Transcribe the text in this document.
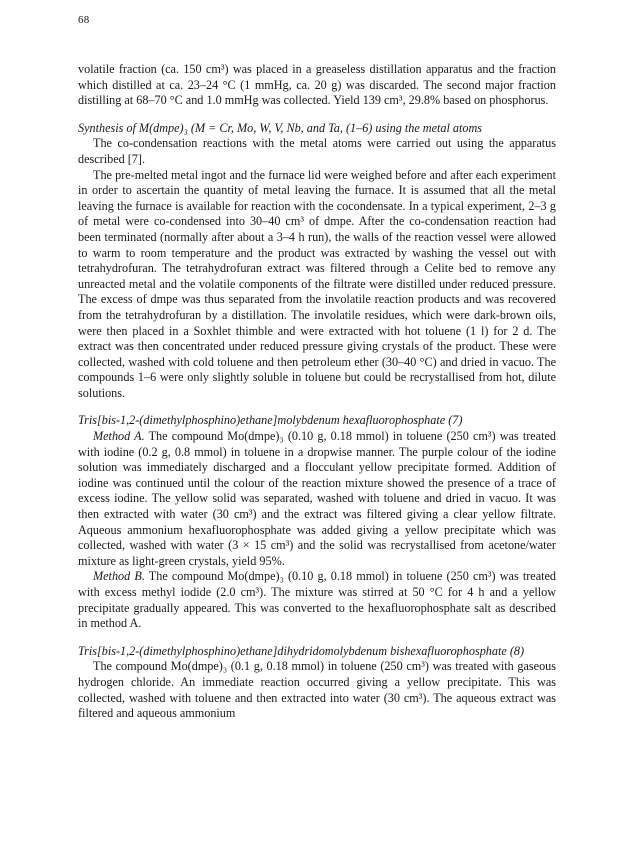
68

volatile fraction (ca. 150 cm³) was placed in a greaseless distillation apparatus and the fraction which distilled at ca. 23–24 °C (1 mmHg, ca. 20 g) was discarded. The second major fraction distilling at 68–70 °C and 1.0 mmHg was collected. Yield 139 cm³, 29.8% based on phosphorus.

Synthesis of M(dmpe)₃ (M = Cr, Mo, W, V, Nb, and Ta, (1–6) using the metal atoms

The co-condensation reactions with the metal atoms were carried out using the apparatus described [7].

The pre-melted metal ingot and the furnace lid were weighed before and after each experiment in order to ascertain the quantity of metal leaving the furnace. It is assumed that all the metal leaving the furnace is available for reaction with the cocondensate. In a typical experiment, 2–3 g of metal were co-condensed into 30–40 cm³ of dmpe. After the co-condensation reaction had been terminated (normally after about a 3–4 h run), the walls of the reaction vessel were allowed to warm to room temperature and the product was extracted by washing the vessel out with tetrahydrofuran. The tetrahydrofuran extract was filtered through a Celite bed to remove any unreacted metal and the volatile components of the filtrate were distilled under reduced pressure. The excess of dmpe was thus separated from the involatile reaction products and was recovered from the tetrahydrofuran by a distillation. The involatile residues, which were dark-brown oils, were then placed in a Soxhlet thimble and were extracted with hot toluene (1 l) for 2 d. The extract was then concentrated under reduced pressure giving crystals of the product. These were collected, washed with cold toluene and then petroleum ether (30–40 °C) and dried in vacuo. The compounds 1–6 were only slightly soluble in toluene but could be recrystallised from hot, dilute solutions.

Tris[bis-1,2-(dimethylphosphino)ethane]molybdenum hexafluorophosphate (7)

Method A. The compound Mo(dmpe)₃ (0.10 g, 0.18 mmol) in toluene (250 cm³) was treated with iodine (0.2 g, 0.8 mmol) in toluene in a dropwise manner. The purple colour of the iodine solution was immediately discharged and a flocculant yellow precipitate formed. Addition of iodine was continued until the colour of the reaction mixture showed the presence of a trace of excess iodine. The yellow solid was separated, washed with toluene and dried in vacuo. It was then extracted with water (30 cm³) and the extract was filtered giving a clear yellow filtrate. Aqueous ammonium hexafluorophosphate was added giving a yellow precipitate which was collected, washed with water (3 × 15 cm³) and the solid was recrystallised from acetone/water mixture as light-green crystals, yield 95%.

Method B. The compound Mo(dmpe)₃ (0.10 g, 0.18 mmol) in toluene (250 cm³) was treated with excess methyl iodide (2.0 cm³). The mixture was stirred at 50 °C for 4 h and a yellow precipitate gradually appeared. This was converted to the hexafluorophosphate salt as described in method A.

Tris[bis-1,2-(dimethylphosphino)ethane]dihydridomolybdenum bishexafluorophosphate (8)

The compound Mo(dmpe)₃ (0.1 g, 0.18 mmol) in toluene (250 cm³) was treated with gaseous hydrogen chloride. An immediate reaction occurred giving a yellow precipitate. This was collected, washed with toluene and then extracted into water (30 cm³). The aqueous extract was filtered and aqueous ammonium
